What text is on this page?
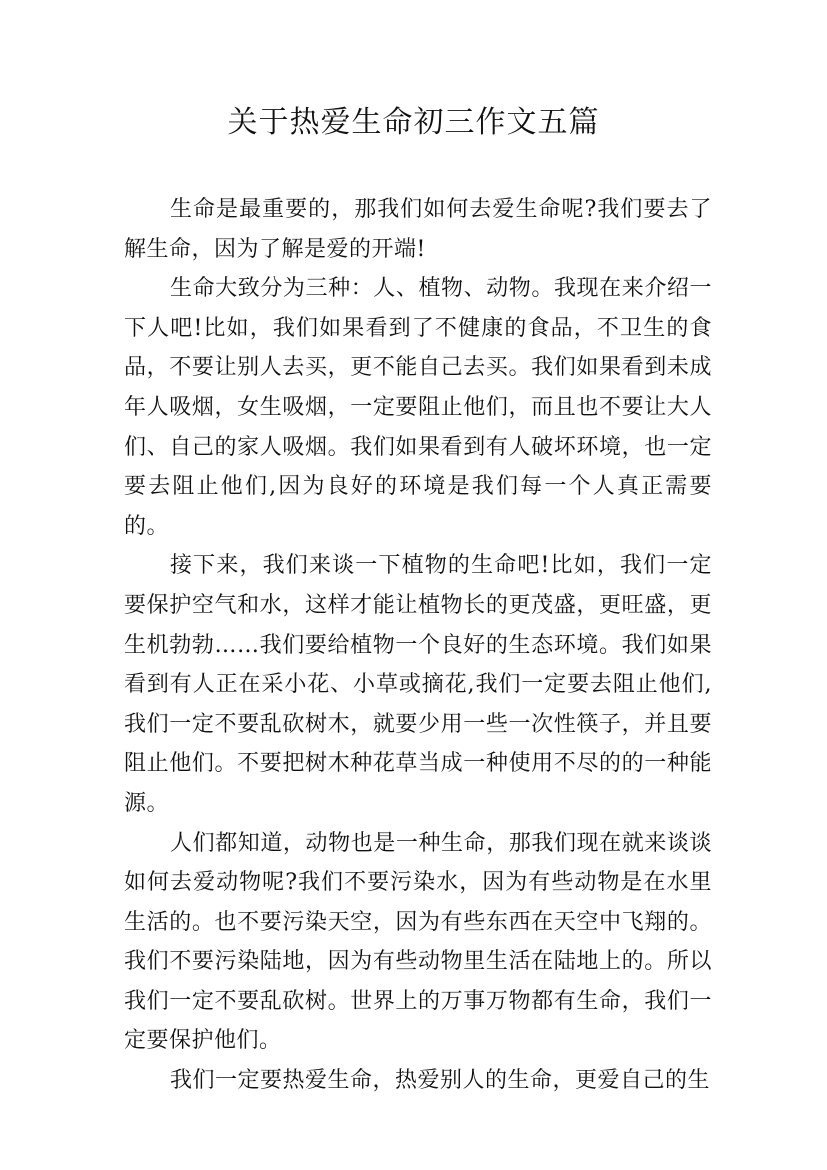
关于热爱生命初三作文五篇

生命是最重要的，那我们如何去爱生命呢?我们要去了解生命，因为了解是爱的开端!

生命大致分为三种：人、植物、动物。我现在来介绍一下人吧!比如，我们如果看到了不健康的食品，不卫生的食品，不要让别人去买，更不能自己去买。我们如果看到未成年人吸烟，女生吸烟，一定要阻止他们，而且也不要让大人们、自己的家人吸烟。我们如果看到有人破坏环境，也一定要去阻止他们,因为良好的环境是我们每一个人真正需要的。

接下来，我们来谈一下植物的生命吧!比如，我们一定要保护空气和水，这样才能让植物长的更茂盛，更旺盛，更生机勃勃……我们要给植物一个良好的生态环境。我们如果看到有人正在采小花、小草或摘花,我们一定要去阻止他们,我们一定不要乱砍树木，就要少用一些一次性筷子，并且要阻止他们。不要把树木种花草当成一种使用不尽的的一种能源。

人们都知道，动物也是一种生命，那我们现在就来谈谈如何去爱动物呢?我们不要污染水，因为有些动物是在水里生活的。也不要污染天空，因为有些东西在天空中飞翔的。我们不要污染陆地，因为有些动物里生活在陆地上的。所以我们一定不要乱砍树。世界上的万事万物都有生命，我们一定要保护他们。

我们一定要热爱生命，热爱别人的生命，更爱自己的生
